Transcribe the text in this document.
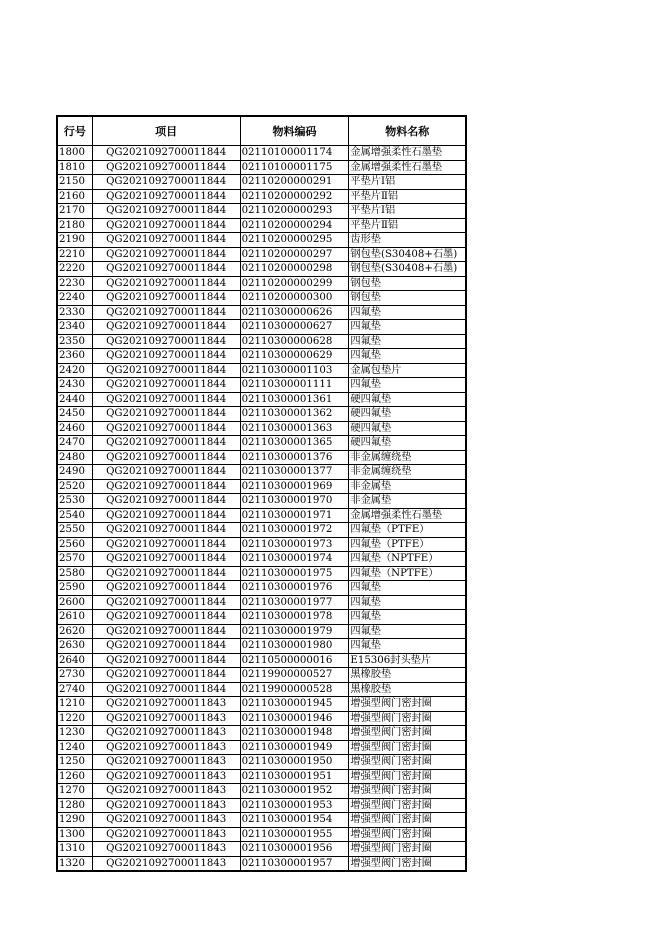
行号	项目	物料编码	物料名称
1800	QG2021092700011844	02110100001174	金属增强柔性石墨垫
1810	QG2021092700011844	02110100001175	金属增强柔性石墨垫
2150	QG2021092700011844	02110200000291	平垫片Ⅰ铝
2160	QG2021092700011844	02110200000292	平垫片Ⅱ铝
2170	QG2021092700011844	02110200000293	平垫片Ⅰ铝
2180	QG2021092700011844	02110200000294	平垫片Ⅱ铝
2190	QG2021092700011844	02110200000295	齿形垫
2210	QG2021092700011844	02110200000297	钢包垫(S30408+石墨)
2220	QG2021092700011844	02110200000298	钢包垫(S30408+石墨)
2230	QG2021092700011844	02110200000299	钢包垫
2240	QG2021092700011844	02110200000300	钢包垫
2330	QG2021092700011844	02110300000626	四氟垫
2340	QG2021092700011844	02110300000627	四氟垫
2350	QG2021092700011844	02110300000628	四氟垫
2360	QG2021092700011844	02110300000629	四氟垫
2420	QG2021092700011844	02110300001103	金属包垫片
2430	QG2021092700011844	02110300001111	四氟垫
2440	QG2021092700011844	02110300001361	硬四氟垫
2450	QG2021092700011844	02110300001362	硬四氟垫
2460	QG2021092700011844	02110300001363	硬四氟垫
2470	QG2021092700011844	02110300001365	硬四氟垫
2480	QG2021092700011844	02110300001376	非金属缠绕垫
2490	QG2021092700011844	02110300001377	非金属缠绕垫
2520	QG2021092700011844	02110300001969	非金属垫
2530	QG2021092700011844	02110300001970	非金属垫
2540	QG2021092700011844	02110300001971	金属增强柔性石墨垫
2550	QG2021092700011844	02110300001972	四氟垫（PTFE）
2560	QG2021092700011844	02110300001973	四氟垫（PTFE）
2570	QG2021092700011844	02110300001974	四氟垫（NPTFE）
2580	QG2021092700011844	02110300001975	四氟垫（NPTFE）
2590	QG2021092700011844	02110300001976	四氟垫
2600	QG2021092700011844	02110300001977	四氟垫
2610	QG2021092700011844	02110300001978	四氟垫
2620	QG2021092700011844	02110300001979	四氟垫
2630	QG2021092700011844	02110300001980	四氟垫
2640	QG2021092700011844	02110500000016	E15306封头垫片
2730	QG2021092700011844	02119900000527	黑橡胶垫
2740	QG2021092700011844	02119900000528	黑橡胶垫
1210	QG2021092700011843	02110300001945	增强型阀门密封圈
1220	QG2021092700011843	02110300001946	增强型阀门密封圈
1230	QG2021092700011843	02110300001948	增强型阀门密封圈
1240	QG2021092700011843	02110300001949	增强型阀门密封圈
1250	QG2021092700011843	02110300001950	增强型阀门密封圈
1260	QG2021092700011843	02110300001951	增强型阀门密封圈
1270	QG2021092700011843	02110300001952	增强型阀门密封圈
1280	QG2021092700011843	02110300001953	增强型阀门密封圈
1290	QG2021092700011843	02110300001954	增强型阀门密封圈
1300	QG2021092700011843	02110300001955	增强型阀门密封圈
1310	QG2021092700011843	02110300001956	增强型阀门密封圈
1320	QG2021092700011843	02110300001957	增强型阀门密封圈
